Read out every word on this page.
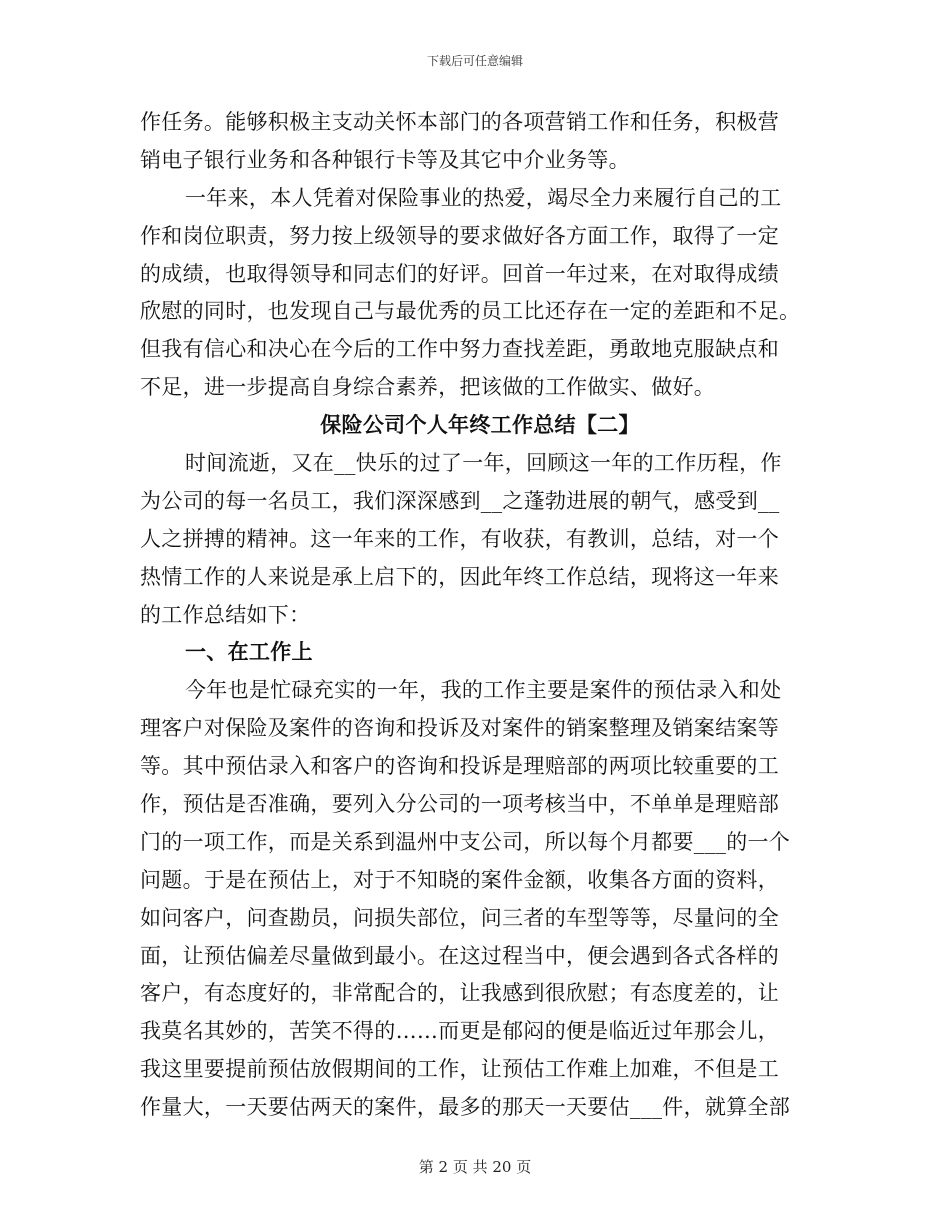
下载后可任意编辑
作任务。能够积极主支动关怀本部门的各项营销工作和任务，积极营
销电子银行业务和各种银行卡等及其它中介业务等。
一年来，本人凭着对保险事业的热爱，竭尽全力来履行自己的工
作和岗位职责，努力按上级领导的要求做好各方面工作，取得了一定
的成绩，也取得领导和同志们的好评。回首一年过来，在对取得成绩
欣慰的同时，也发现自己与最优秀的员工比还存在一定的差距和不足。
但我有信心和决心在今后的工作中努力查找差距，勇敢地克服缺点和
不足，进一步提高自身综合素养，把该做的工作做实、做好。
保险公司个人年终工作总结【二】
时间流逝，又在__快乐的过了一年，回顾这一年的工作历程，作
为公司的每一名员工，我们深深感到__之蓬勃进展的朝气，感受到__
人之拼搏的精神。这一年来的工作，有收获，有教训，总结，对一个
热情工作的人来说是承上启下的，因此年终工作总结，现将这一年来
的工作总结如下：
一、在工作上
今年也是忙碌充实的一年，我的工作主要是案件的预估录入和处
理客户对保险及案件的咨询和投诉及对案件的销案整理及销案结案等
等。其中预估录入和客户的咨询和投诉是理赔部的两项比较重要的工
作，预估是否准确，要列入分公司的一项考核当中，不单单是理赔部
门的一项工作，而是关系到温州中支公司，所以每个月都要___的一个
问题。于是在预估上，对于不知晓的案件金额，收集各方面的资料，
如问客户，问查勘员，问损失部位，问三者的车型等等，尽量问的全
面，让预估偏差尽量做到最小。在这过程当中，便会遇到各式各样的
客户，有态度好的，非常配合的，让我感到很欣慰；有态度差的，让
我莫名其妙的，苦笑不得的……而更是郁闷的便是临近过年那会儿，
我这里要提前预估放假期间的工作，让预估工作难上加难，不但是工
作量大，一天要估两天的案件，最多的那天一天要估___件，就算全部
第 2 页 共 20 页
